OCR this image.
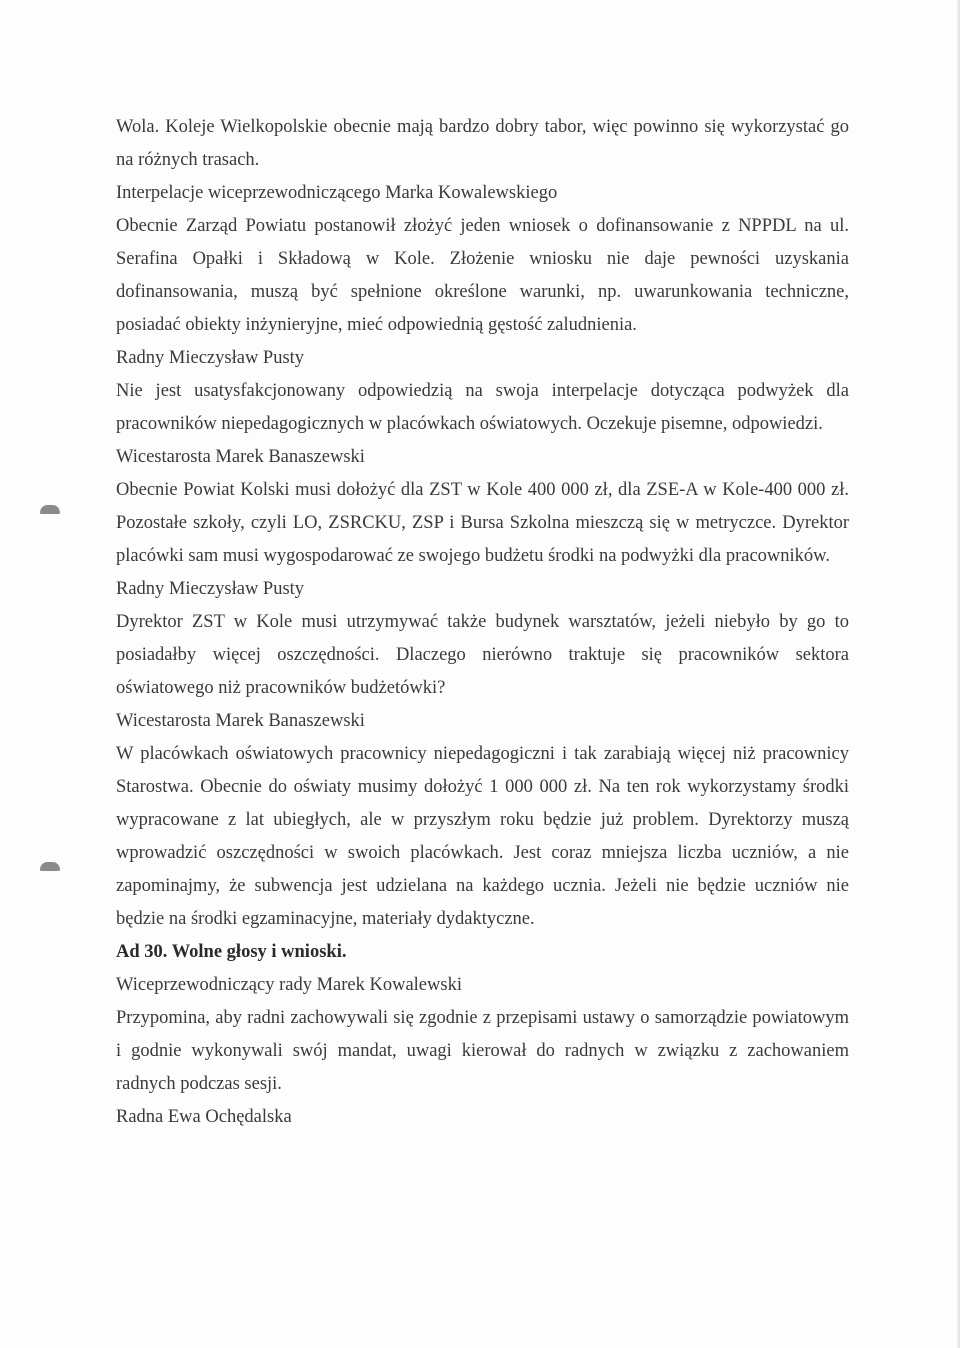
Wola. Koleje Wielkopolskie obecnie mają bardzo dobry tabor, więc powinno się wykorzystać go na różnych trasach.

Interpelacje wiceprzewodniczącego Marka Kowalewskiego

Obecnie Zarząd Powiatu postanowił złożyć jeden wniosek o dofinansowanie z NPPDL na ul. Serafina Opałki i Składową w Kole. Złożenie wniosku nie daje pewności uzyskania dofinansowania, muszą być spełnione określone warunki, np. uwarunkowania techniczne, posiadać obiekty inżynieryjne, mieć odpowiednią gęstość zaludnienia.

Radny Mieczysław Pusty

Nie jest usatysfakcjonowany odpowiedzią na swoja interpelacje dotycząca podwyżek dla pracowników niepedagogicznych w placówkach oświatowych. Oczekuje pisemne, odpowiedzi.

Wicestarosta Marek Banaszewski

Obecnie Powiat Kolski musi dołożyć dla ZST w Kole 400 000 zł, dla ZSE-A w Kole-400 000 zł. Pozostałe szkoły, czyli LO, ZSRCKU, ZSP i Bursa Szkolna mieszczą się w metryczce. Dyrektor placówki sam musi wygospodarować ze swojego budżetu środki na podwyżki dla pracowników.

Radny Mieczysław Pusty

Dyrektor ZST w Kole musi utrzymywać także budynek warsztatów, jeżeli niebyło by go to posiadałby więcej oszczędności. Dlaczego nierówno traktuje się pracowników sektora oświatowego niż pracowników budżetówki?

Wicestarosta Marek Banaszewski

W placówkach oświatowych pracownicy niepedagogiczni i tak zarabiają więcej niż pracownicy Starostwa. Obecnie do oświaty musimy dołożyć 1 000 000 zł. Na ten rok wykorzystamy środki wypracowane z lat ubiegłych, ale w przyszłym roku będzie już problem. Dyrektorzy muszą wprowadzić oszczędności w swoich placówkach. Jest coraz mniejsza liczba uczniów, a nie zapominajmy, że subwencja jest udzielana na każdego ucznia. Jeżeli nie będzie uczniów nie będzie na środki egzaminacyjne, materiały dydaktyczne.

Ad 30. Wolne głosy i wnioski.

Wiceprzewodniczący rady Marek Kowalewski

Przypomina, aby radni zachowywali się zgodnie z przepisami ustawy o samorządzie powiatowym i godnie wykonywali swój mandat, uwagi kierował do radnych w związku z zachowaniem radnych podczas sesji.

Radna Ewa Ochędalska
